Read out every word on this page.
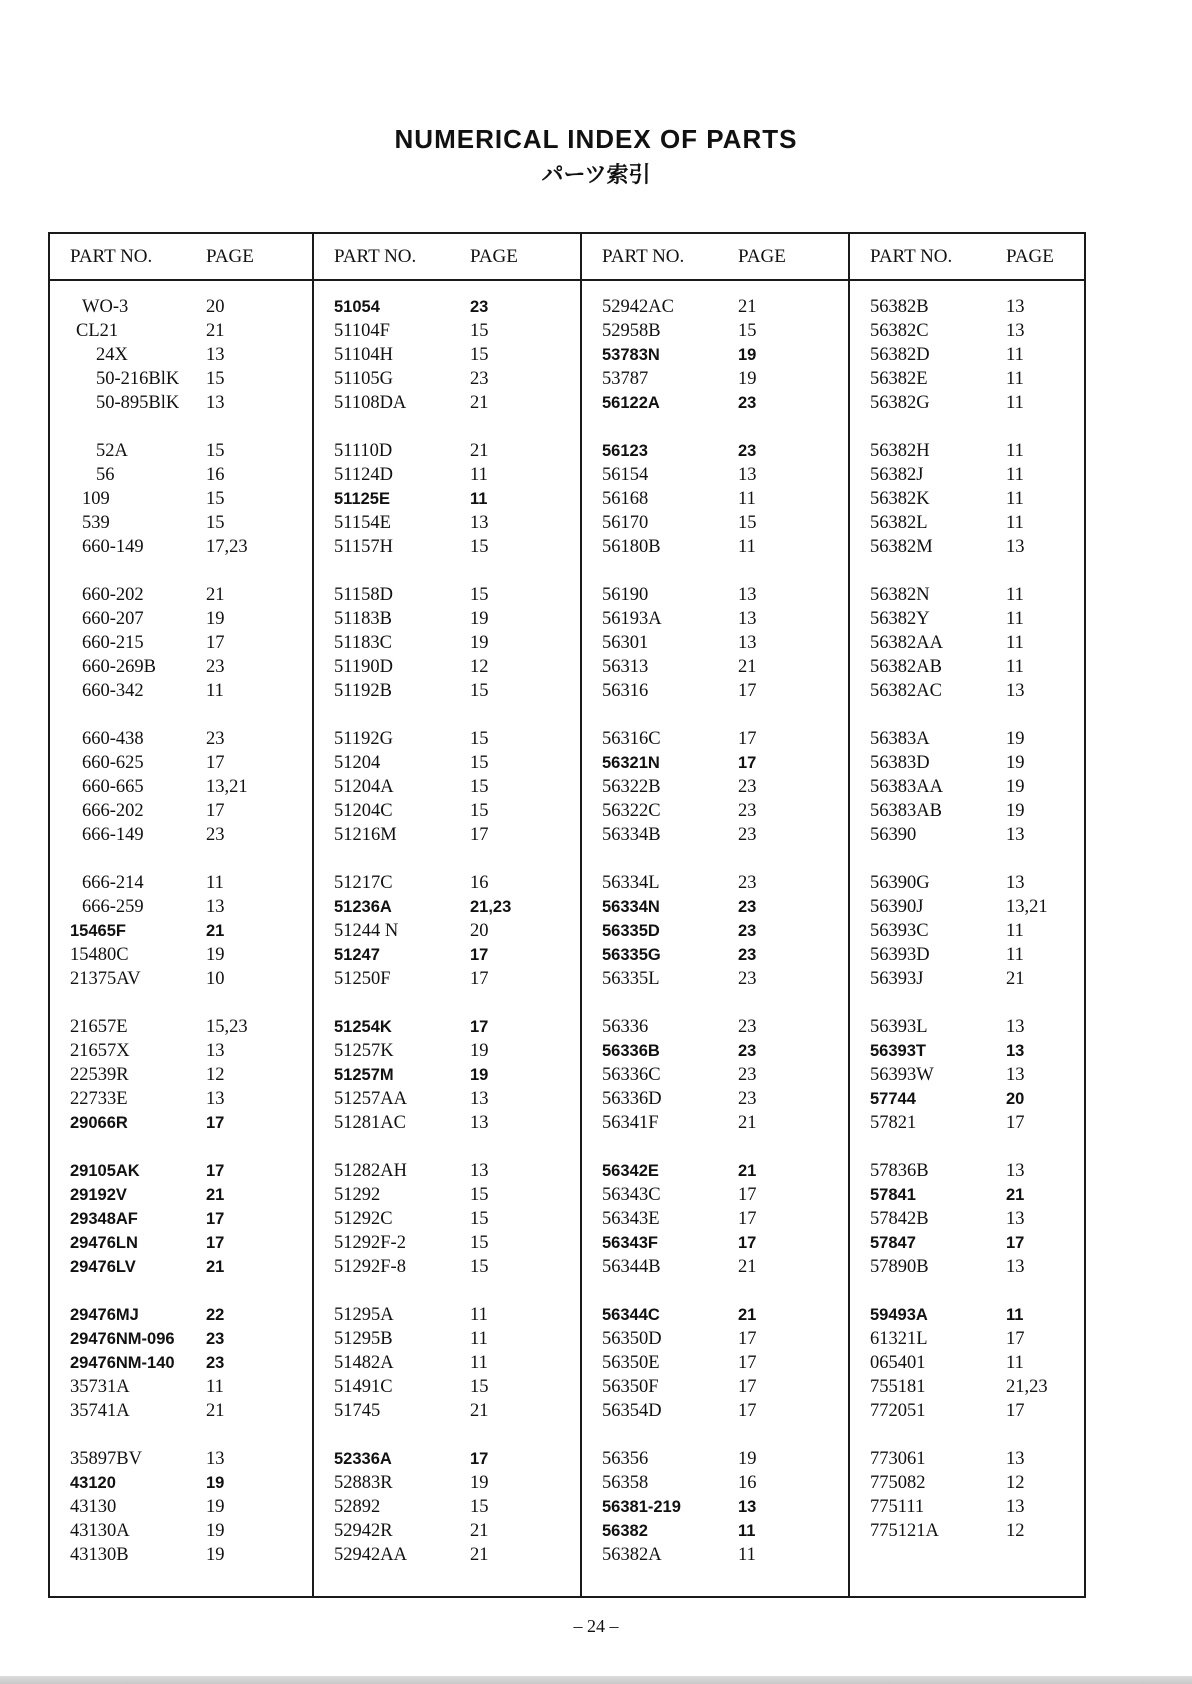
NUMERICAL INDEX OF PARTS
パーツ索引
PART NO.	PAGE
WO-3	20
CL21	21
24X	13
50-216BlK	15
50-895BlK	13
52A	15
56	16
109	15
539	15
660-149	17,23
660-202	21
660-207	19
660-215	17
660-269B	23
660-342	11
660-438	23
660-625	17
660-665	13,21
666-202	17
666-149	23
666-214	11
666-259	13
15465F	21
15480C	19
21375AV	10
21657E	15,23
21657X	13
22539R	12
22733E	13
29066R	17
29105AK	17
29192V	21
29348AF	17
29476LN	17
29476LV	21
29476MJ	22
29476NM-096	23
29476NM-140	23
35731A	11
35741A	21
35897BV	13
43120	19
43130	19
43130A	19
43130B	19
PART NO.	PAGE
51054	23
51104F	15
51104H	15
51105G	23
51108DA	21
51110D	21
51124D	11
51125E	11
51154E	13
51157H	15
51158D	15
51183B	19
51183C	19
51190D	12
51192B	15
51192G	15
51204	15
51204A	15
51204C	15
51216M	17
51217C	16
51236A	21,23
51244 N	20
51247	17
51250F	17
51254K	17
51257K	19
51257M	19
51257AA	13
51281AC	13
51282AH	13
51292	15
51292C	15
51292F-2	15
51292F-8	15
51295A	11
51295B	11
51482A	11
51491C	15
51745	21
52336A	17
52883R	19
52892	15
52942R	21
52942AA	21
PART NO.	PAGE
52942AC	21
52958B	15
53783N	19
53787	19
56122A	23
56123	23
56154	13
56168	11
56170	15
56180B	11
56190	13
56193A	13
56301	13
56313	21
56316	17
56316C	17
56321N	17
56322B	23
56322C	23
56334B	23
56334L	23
56334N	23
56335D	23
56335G	23
56335L	23
56336	23
56336B	23
56336C	23
56336D	23
56341F	21
56342E	21
56343C	17
56343E	17
56343F	17
56344B	21
56344C	21
56350D	17
56350E	17
56350F	17
56354D	17
56356	19
56358	16
56381-219	13
56382	11
56382A	11
PART NO.	PAGE
56382B	13
56382C	13
56382D	11
56382E	11
56382G	11
56382H	11
56382J	11
56382K	11
56382L	11
56382M	13
56382N	11
56382Y	11
56382AA	11
56382AB	11
56382AC	13
56383A	19
56383D	19
56383AA	19
56383AB	19
56390	13
56390G	13
56390J	13,21
56393C	11
56393D	11
56393J	21
56393L	13
56393T	13
56393W	13
57744	20
57821	17
57836B	13
57841	21
57842B	13
57847	17
57890B	13
59493A	11
61321L	17
065401	11
755181	21,23
772051	17
773061	13
775082	12
775111	13
775121A	12
– 24 –
